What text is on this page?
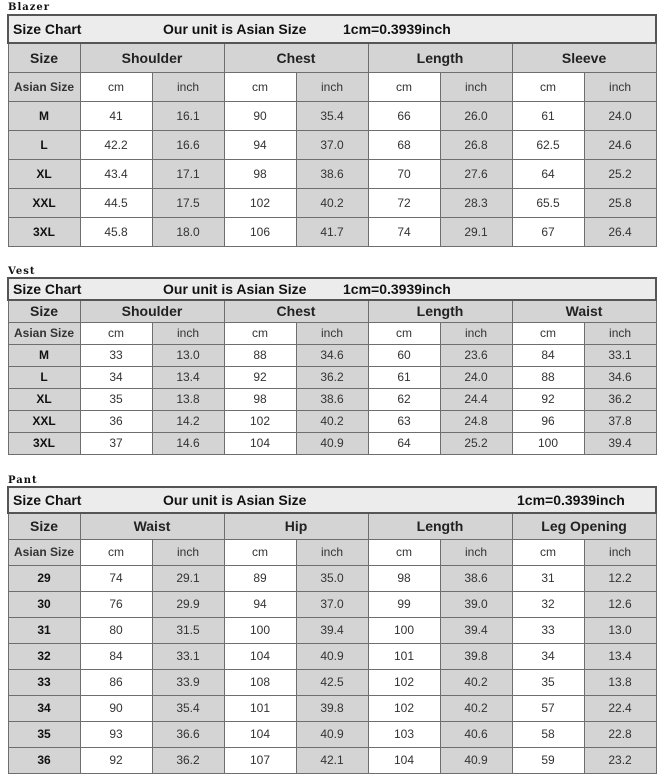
Blazer
Size Chart Our unit is Asian Size 1cm=0.3939inch								

Size	Shoulder		Chest		Length		Sleeve	
Asian Size	cm	inch	cm	inch	cm	inch	cm	inch
M	41	16.1	90	35.4	66	26.0	61	24.0
L	42.2	16.6	94	37.0	68	26.8	62.5	24.6
XL	43.4	17.1	98	38.6	70	27.6	64	25.2
XXL	44.5	17.5	102	40.2	72	28.3	65.5	25.8
3XL	45.8	18.0	106	41.7	74	29.1	67	26.4
Vest
Size Chart Our unit is Asian Size 1cm=0.3939inch								

Size	Shoulder		Chest		Length		Waist	
Asian Size	cm	inch	cm	inch	cm	inch	cm	inch
M	33	13.0	88	34.6	60	23.6	84	33.1
L	34	13.4	92	36.2	61	24.0	88	34.6
XL	35	13.8	98	38.6	62	24.4	92	36.2
XXL	36	14.2	102	40.2	63	24.8	96	37.8
3XL	37	14.6	104	40.9	64	25.2	100	39.4
Pant
Size Chart Our unit is Asian Size 1cm=0.3939inch								

Size	Waist		Hip		Length		Leg Opening	
Asian Size	cm	inch	cm	inch	cm	inch	cm	inch
29	74	29.1	89	35.0	98	38.6	31	12.2
30	76	29.9	94	37.0	99	39.0	32	12.6
31	80	31.5	100	39.4	100	39.4	33	13.0
32	84	33.1	104	40.9	101	39.8	34	13.4
33	86	33.9	108	42.5	102	40.2	35	13.8
34	90	35.4	101	39.8	102	40.2	57	22.4
35	93	36.6	104	40.9	103	40.6	58	22.8
36	92	36.2	107	42.1	104	40.9	59	23.2
